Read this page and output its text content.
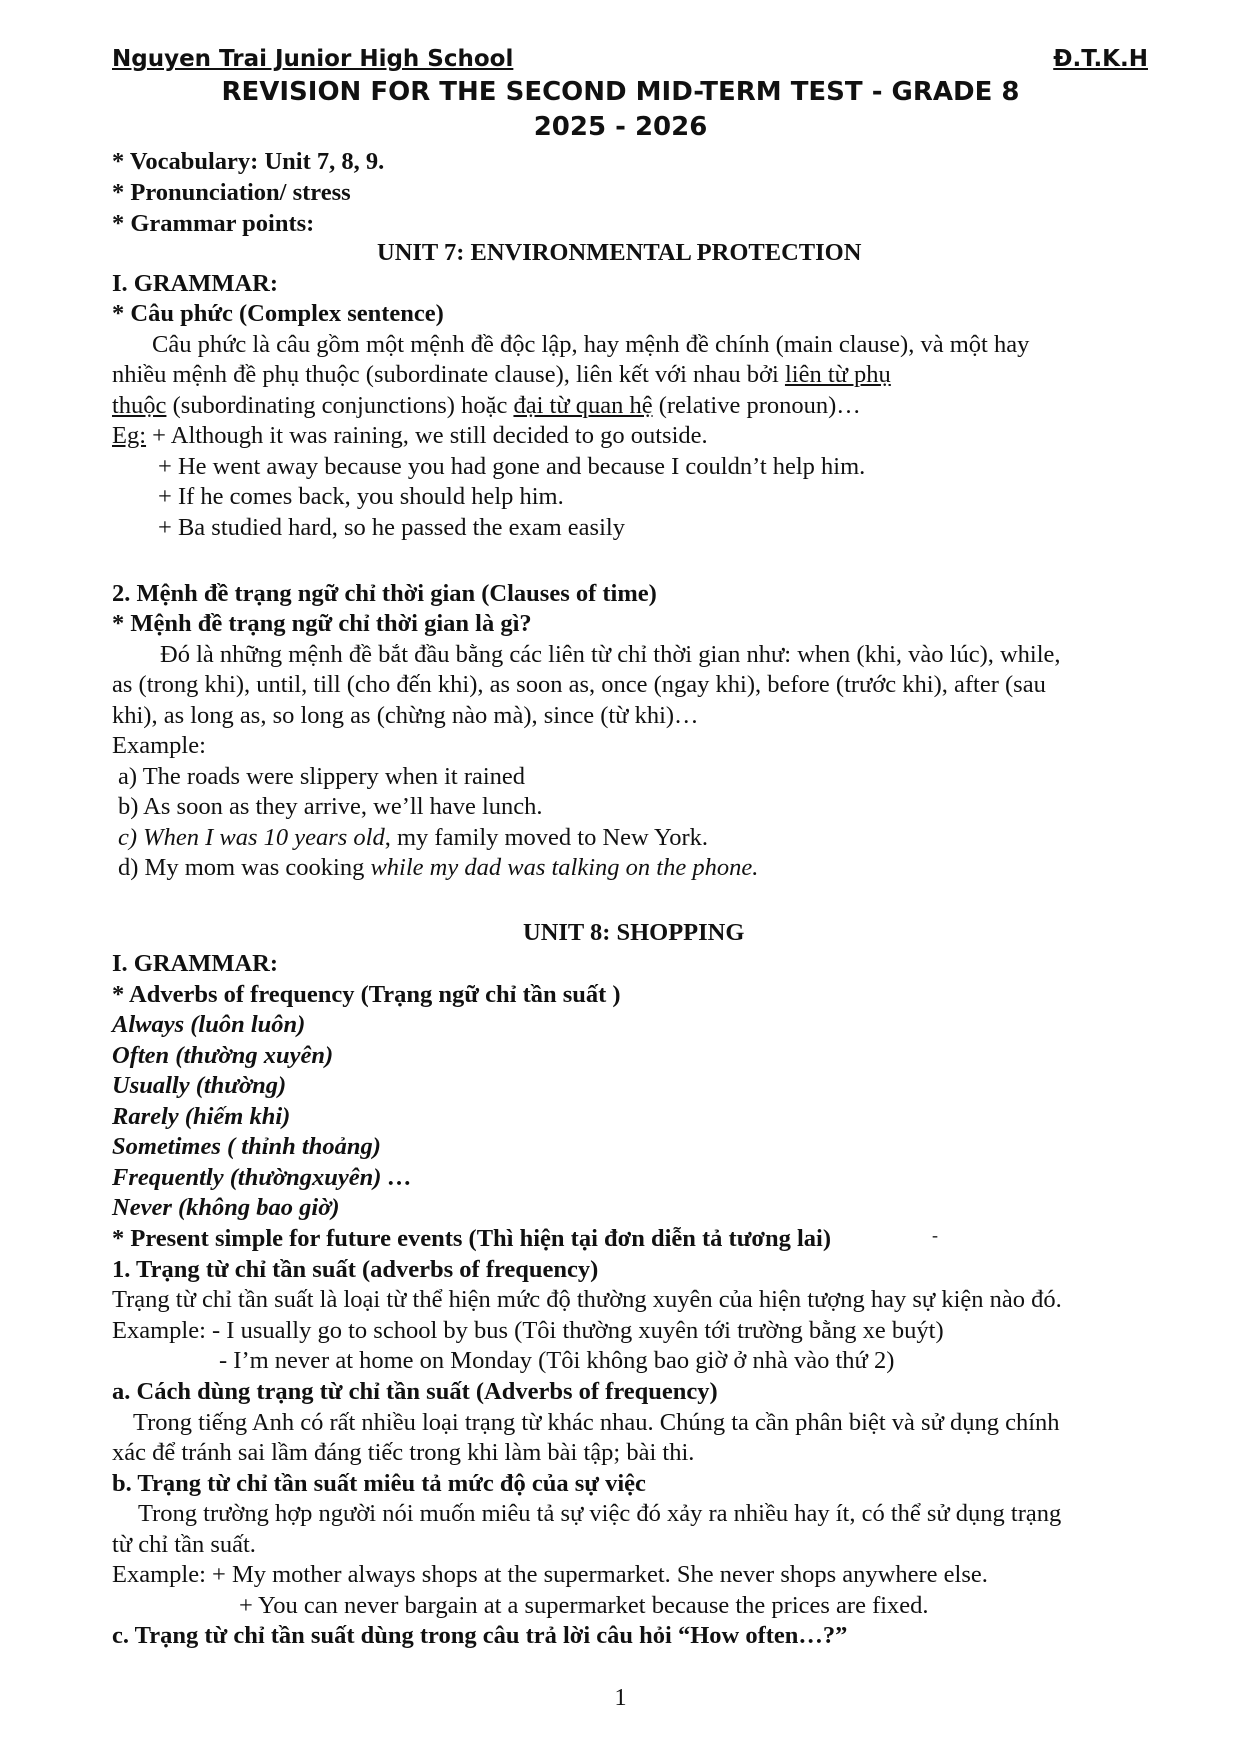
Nguyen Trai Junior High School	Đ.T.K.H
REVISION FOR THE SECOND MID-TERM TEST - GRADE 8
2025 - 2026
* Vocabulary: Unit 7, 8, 9.
* Pronunciation/ stress
* Grammar points:
UNIT 7: ENVIRONMENTAL PROTECTION
I. GRAMMAR:
* Câu phức (Complex sentence)
Câu phức là câu gồm một mệnh đề độc lập, hay mệnh đề chính (main clause), và một hay
nhiều mệnh đề phụ thuộc (subordinate clause), liên kết với nhau bởi liên từ phụ
thuộc (subordinating conjunctions) hoặc đại từ quan hệ (relative pronoun)…
Eg: + Although it was raining, we still decided to go outside.
+ He went away because you had gone and because I couldn’t help him.
+ If he comes back, you should help him.
+ Ba studied hard, so he passed the exam easily
2. Mệnh đề trạng ngữ chỉ thời gian (Clauses of time)
* Mệnh đề trạng ngữ chỉ thời gian là gì?
Đó là những mệnh đề bắt đầu bằng các liên từ chỉ thời gian như: when (khi, vào lúc), while,
as (trong khi), until, till (cho đến khi), as soon as, once (ngay khi), before (trước khi), after (sau
khi), as long as, so long as (chừng nào mà), since (từ khi)…
Example:
a) The roads were slippery when it rained
b) As soon as they arrive, we’ll have lunch.
c) When I was 10 years old, my family moved to New York.
d) My mom was cooking while my dad was talking on the phone.
UNIT 8: SHOPPING
I. GRAMMAR:
* Adverbs of frequency (Trạng ngữ chỉ tần suất )
Always (luôn luôn)
Often (thường xuyên)
Usually (thường)
Rarely (hiếm khi)
Sometimes ( thỉnh thoảng)
Frequently (thườngxuyên) …
Never (không bao giờ)
* Present simple for future events (Thì hiện tại đơn diễn tả tương lai)	-
1. Trạng từ chỉ tần suất (adverbs of frequency)
Trạng từ chỉ tần suất là loại từ thể hiện mức độ thường xuyên của hiện tượng hay sự kiện nào đó.
Example: - I usually go to school by bus (Tôi thường xuyên tới trường bằng xe buýt)
- I’m never at home on Monday (Tôi không bao giờ ở nhà vào thứ 2)
a. Cách dùng trạng từ chỉ tần suất (Adverbs of frequency)
Trong tiếng Anh có rất nhiều loại trạng từ khác nhau. Chúng ta cần phân biệt và sử dụng chính
xác để tránh sai lầm đáng tiếc trong khi làm bài tập; bài thi.
b. Trạng từ chỉ tần suất miêu tả mức độ của sự việc
Trong trường hợp người nói muốn miêu tả sự việc đó xảy ra nhiều hay ít, có thể sử dụng trạng
từ chỉ tần suất.
Example: + My mother always shops at the supermarket. She never shops anywhere else.
+ You can never bargain at a supermarket because the prices are fixed.
c. Trạng từ chỉ tần suất dùng trong câu trả lời câu hỏi “How often…?”
1
